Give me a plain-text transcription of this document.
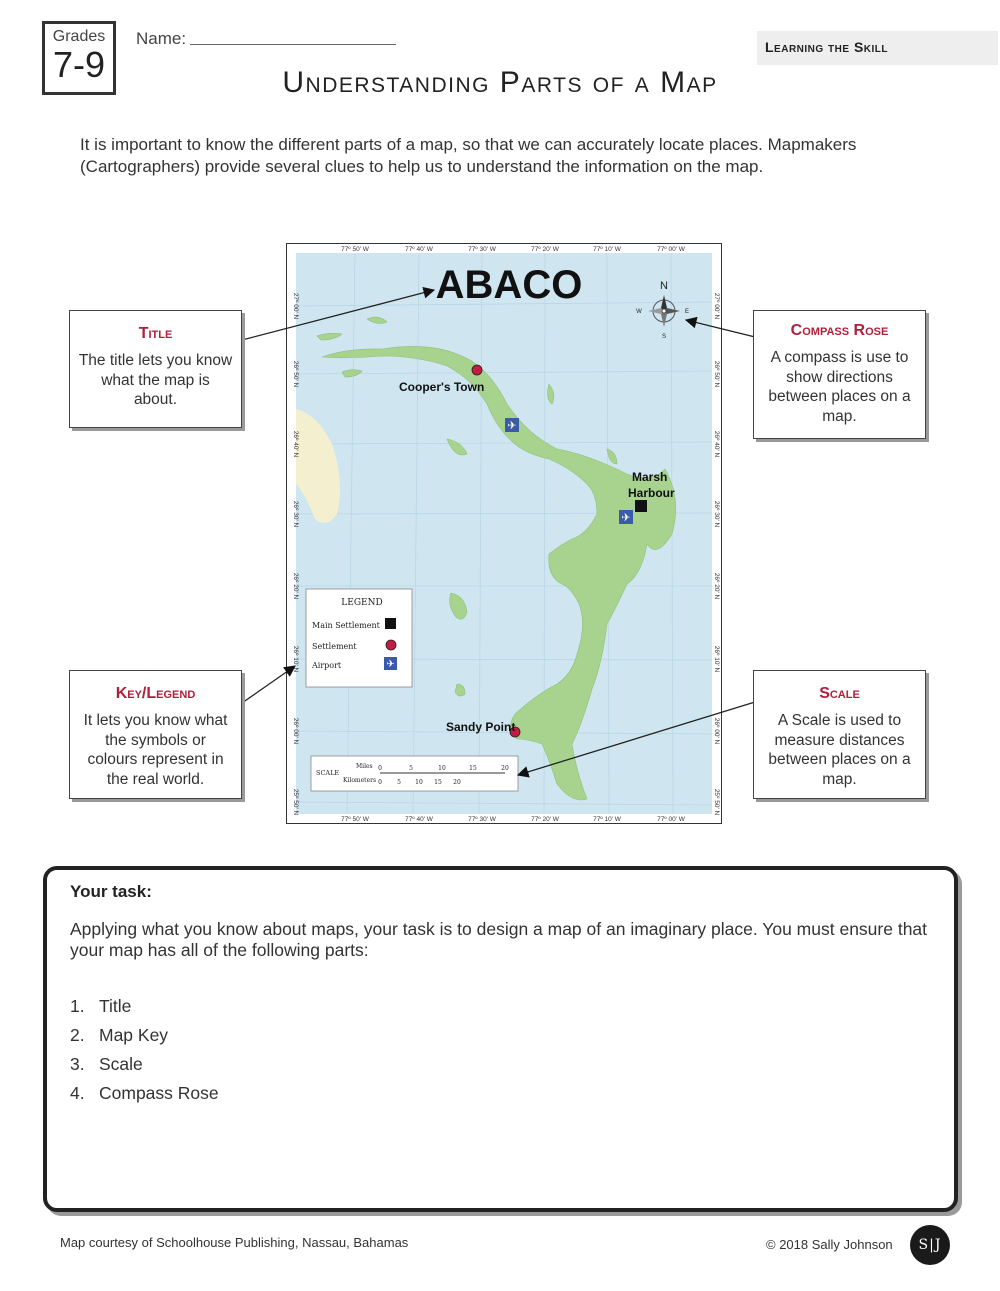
Grades
7-9
Name:	Learning the Skill
Understanding Parts of a Map
It is important to know the different parts of a map, so that we can accurately locate places. Mapmakers (Cartographers) provide several clues to help us to understand the information on the map.
ABACO
77º 50' W	77º 40' W	77º 30' W	77º 20' W	77º 10' W	77º 00' W
77º 50' W	77º 40' W	77º 30' W	77º 20' W	77º 10' W	77º 00' W
27º 00' N
26º 50' N
26º 40' N
26º 30' N
26º 20' N
26º 10' N
26º 00' N
25º 50' N
27º 00' N
26º 50' N
26º 40' N
26º 30' N
26º 20' N
26º 10' N
26º 00' N
25º 50' N
N
S
E
W
Cooper's Town
✈
Marsh
Harbour
✈
Sandy Point
LEGEND
Main Settlement
Settlement
Airport	✈
SCALE
Miles
Kilometers
0	5	10	15	20
0	5 10 15 20
Title

The title lets you know what the map is about.

Compass Rose

A compass is use to show directions between places on a map.

Key/Legend

It lets you know what the symbols or colours represent in the real world.

Scale

A Scale is used to measure distances between places on a map.

Your task:
Applying what you know about maps, your task is to design a map of an imaginary place. You must ensure that your map has all of the following parts:
1. Title
2. Map Key
3. Scale
4. Compass Rose
Map courtesy of Schoolhouse Publishing, Nassau, Bahamas	© 2018 Sally Johnson	S|J
